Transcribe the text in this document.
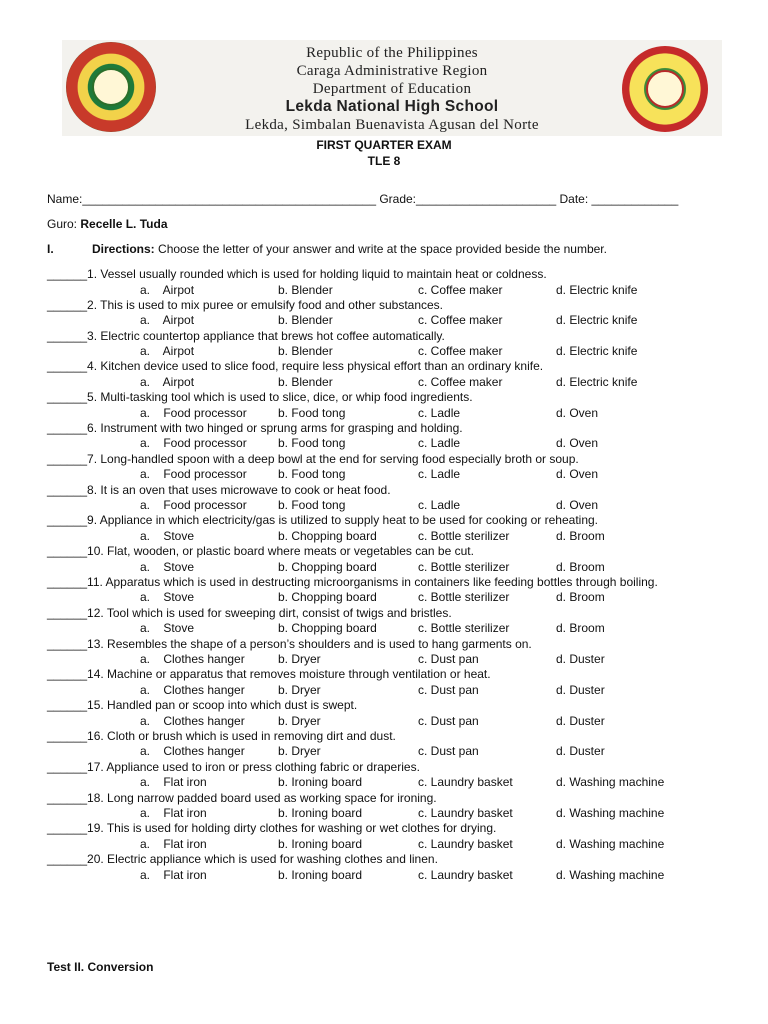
Republic of the Philippines
Caraga Administrative Region
Department of Education
Lekda National High School
Lekda, Simbalan Buenavista Agusan del Norte
FIRST QUARTER EXAM
TLE 8
Name:____________________________________________ Grade:_____________________ Date: _____________
Guro: Recelle L. Tuda
I.	Directions: Choose the letter of your answer and write at the space provided beside the number.
______1. Vessel usually rounded which is used for holding liquid to maintain heat or coldness.
a.    Airpot	b. Blender	c. Coffee maker	d. Electric knife
______2. This is used to mix puree or emulsify food and other substances.
a.    Airpot	b. Blender	c. Coffee maker	d. Electric knife
______3. Electric countertop appliance that brews hot coffee automatically.
a.    Airpot	b. Blender	c. Coffee maker	d. Electric knife
______4. Kitchen device used to slice food, require less physical effort than an ordinary knife.
a.    Airpot	b. Blender	c. Coffee maker	d. Electric knife
______5. Multi-tasking tool which is used to slice, dice, or whip food ingredients.
a.    Food processor	b. Food tong	c. Ladle	d. Oven
______6. Instrument with two hinged or sprung arms for grasping and holding.
a.    Food processor	b. Food tong	c. Ladle	d. Oven
______7. Long-handled spoon with a deep bowl at the end for serving food especially broth or soup.
a.    Food processor	b. Food tong	c. Ladle	d. Oven
______8. It is an oven that uses microwave to cook or heat food.
a.    Food processor	b. Food tong	c. Ladle	d. Oven
______9. Appliance in which electricity/gas is utilized to supply heat to be used for cooking or reheating.
a.    Stove	b. Chopping board	c. Bottle sterilizer	d. Broom
______10. Flat, wooden, or plastic board where meats or vegetables can be cut.
a.    Stove	b. Chopping board	c. Bottle sterilizer	d. Broom
______11. Apparatus which is used in destructing microorganisms in containers like feeding bottles through boiling.
a.    Stove	b. Chopping board	c. Bottle sterilizer	d. Broom
______12. Tool which is used for sweeping dirt, consist of twigs and bristles.
a.    Stove	b. Chopping board	c. Bottle sterilizer	d. Broom
______13. Resembles the shape of a person’s shoulders and is used to hang garments on.
a.    Clothes hanger	b. Dryer	c. Dust pan	d. Duster
______14. Machine or apparatus that removes moisture through ventilation or heat.
a.    Clothes hanger	b. Dryer	c. Dust pan	d. Duster
______15. Handled pan or scoop into which dust is swept.
a.    Clothes hanger	b. Dryer	c. Dust pan	d. Duster
______16. Cloth or brush which is used in removing dirt and dust.
a.    Clothes hanger	b. Dryer	c. Dust pan	d. Duster
______17. Appliance used to iron or press clothing fabric or draperies.
a.    Flat iron	b. Ironing board	c. Laundry basket	d. Washing machine
______18. Long narrow padded board used as working space for ironing.
a.    Flat iron	b. Ironing board	c. Laundry basket	d. Washing machine
______19. This is used for holding dirty clothes for washing or wet clothes for drying.
a.    Flat iron	b. Ironing board	c. Laundry basket	d. Washing machine
______20. Electric appliance which is used for washing clothes and linen.
a.    Flat iron	b. Ironing board	c. Laundry basket	d. Washing machine
Test II. Conversion
